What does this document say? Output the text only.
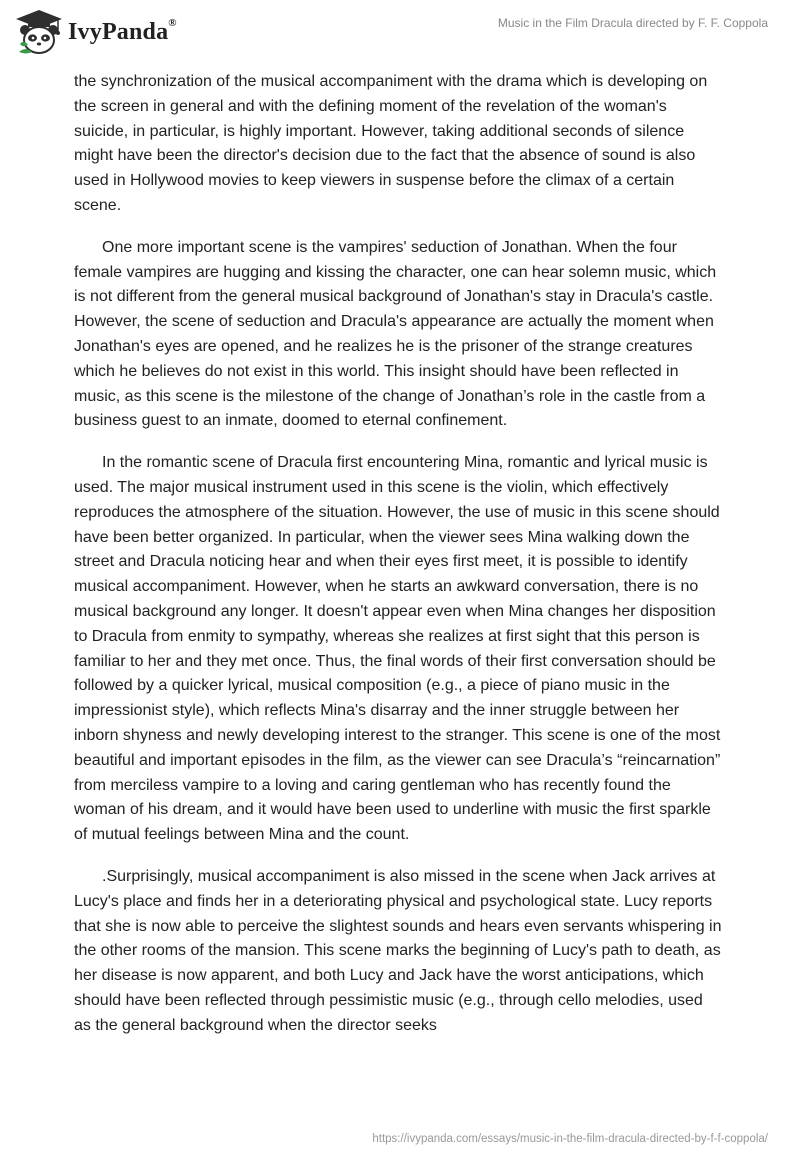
IvyPanda®	Music in the Film Dracula directed by F. F. Coppola

the synchronization of the musical accompaniment with the drama which is developing on the screen in general and with the defining moment of the revelation of the woman's suicide, in particular, is highly important. However, taking additional seconds of silence might have been the director's decision due to the fact that the absence of sound is also used in Hollywood movies to keep viewers in suspense before the climax of a certain scene.

One more important scene is the vampires' seduction of Jonathan. When the four female vampires are hugging and kissing the character, one can hear solemn music, which is not different from the general musical background of Jonathan's stay in Dracula's castle. However, the scene of seduction and Dracula's appearance are actually the moment when Jonathan's eyes are opened, and he realizes he is the prisoner of the strange creatures which he believes do not exist in this world. This insight should have been reflected in music, as this scene is the milestone of the change of Jonathan’s role in the castle from a business guest to an inmate, doomed to eternal confinement.

In the romantic scene of Dracula first encountering Mina, romantic and lyrical music is used. The major musical instrument used in this scene is the violin, which effectively reproduces the atmosphere of the situation. However, the use of music in this scene should have been better organized. In particular, when the viewer sees Mina walking down the street and Dracula noticing hear and when their eyes first meet, it is possible to identify musical accompaniment. However, when he starts an awkward conversation, there is no musical background any longer. It doesn't appear even when Mina changes her disposition to Dracula from enmity to sympathy, whereas she realizes at first sight that this person is familiar to her and they met once. Thus, the final words of their first conversation should be followed by a quicker lyrical, musical composition (e.g., a piece of piano music in the impressionist style), which reflects Mina's disarray and the inner struggle between her inborn shyness and newly developing interest to the stranger. This scene is one of the most beautiful and important episodes in the film, as the viewer can see Dracula’s “reincarnation” from merciless vampire to a loving and caring gentleman who has recently found the woman of his dream, and it would have been used to underline with music the first sparkle of mutual feelings between Mina and the count.

.Surprisingly, musical accompaniment is also missed in the scene when Jack arrives at Lucy's place and finds her in a deteriorating physical and psychological state. Lucy reports that she is now able to perceive the slightest sounds and hears even servants whispering in the other rooms of the mansion. This scene marks the beginning of Lucy's path to death, as her disease is now apparent, and both Lucy and Jack have the worst anticipations, which should have been reflected through pessimistic music (e.g., through cello melodies, used as the general background when the director seeks

https://ivypanda.com/essays/music-in-the-film-dracula-directed-by-f-f-coppola/
